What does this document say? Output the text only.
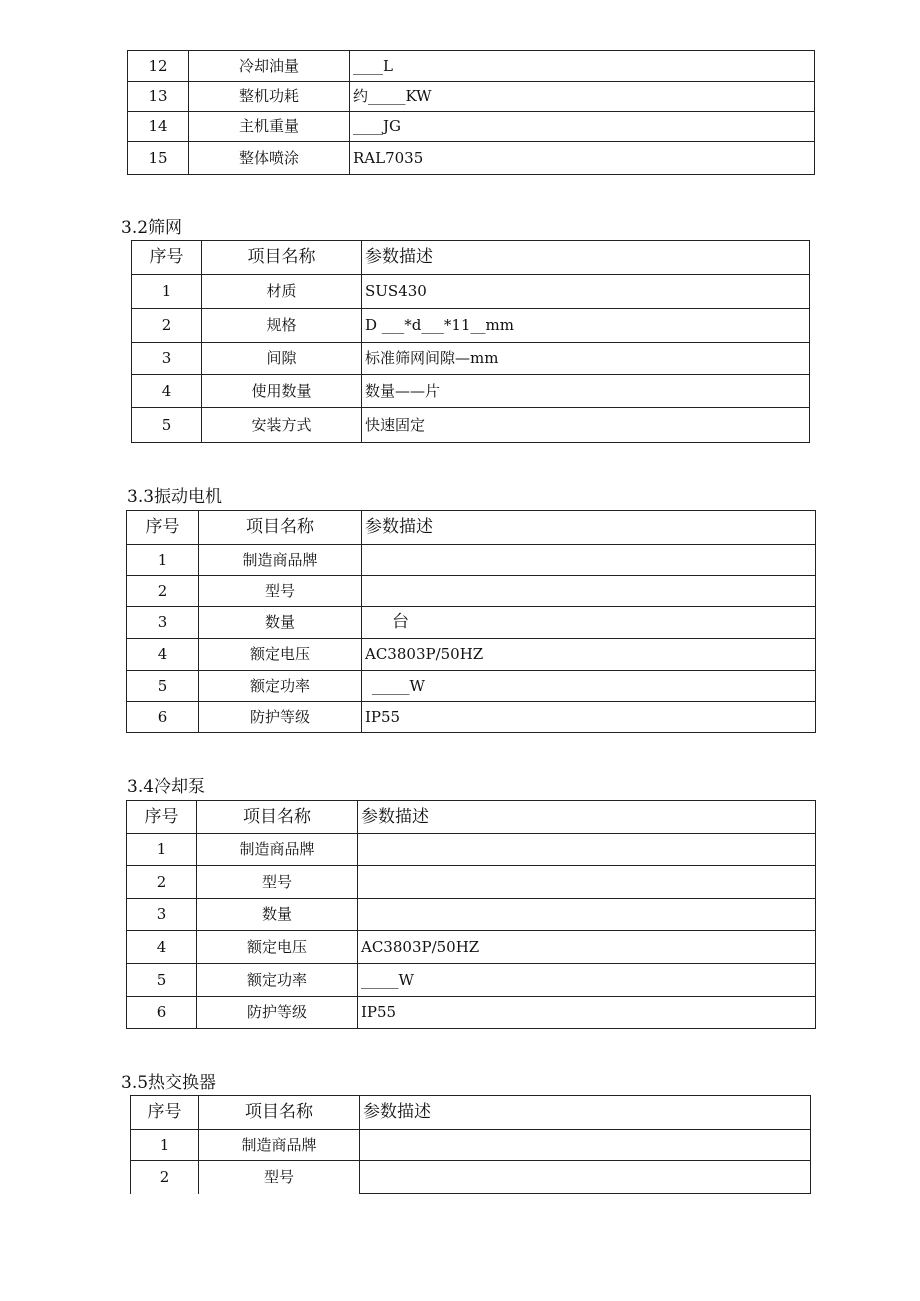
12	冷却油量	____L
13	整机功耗	约_____KW
14	主机重量	____JG
15	整体喷涂	RAL7035
3.2筛网
序号	项目名称	参数描述
1	材质	SUS430
2	规格	D ___*d___*11__mm
3	间隙	标准筛网间隙—mm
4	使用数量	数量——片
5	安装方式	快速固定
3.3振动电机
序号	项目名称	参数描述
1	制造商品牌	
2	型号	
3	数量	台
4	额定电压	AC3803P/50HZ
5	额定功率	_____W
6	防护等级	IP55
3.4冷却泵
序号	项目名称	参数描述
1	制造商品牌	
2	型号	
3	数量	
4	额定电压	AC3803P/50HZ
5	额定功率	_____W
6	防护等级	IP55
3.5热交换器
序号	项目名称	参数描述
1	制造商品牌	
2	型号	
